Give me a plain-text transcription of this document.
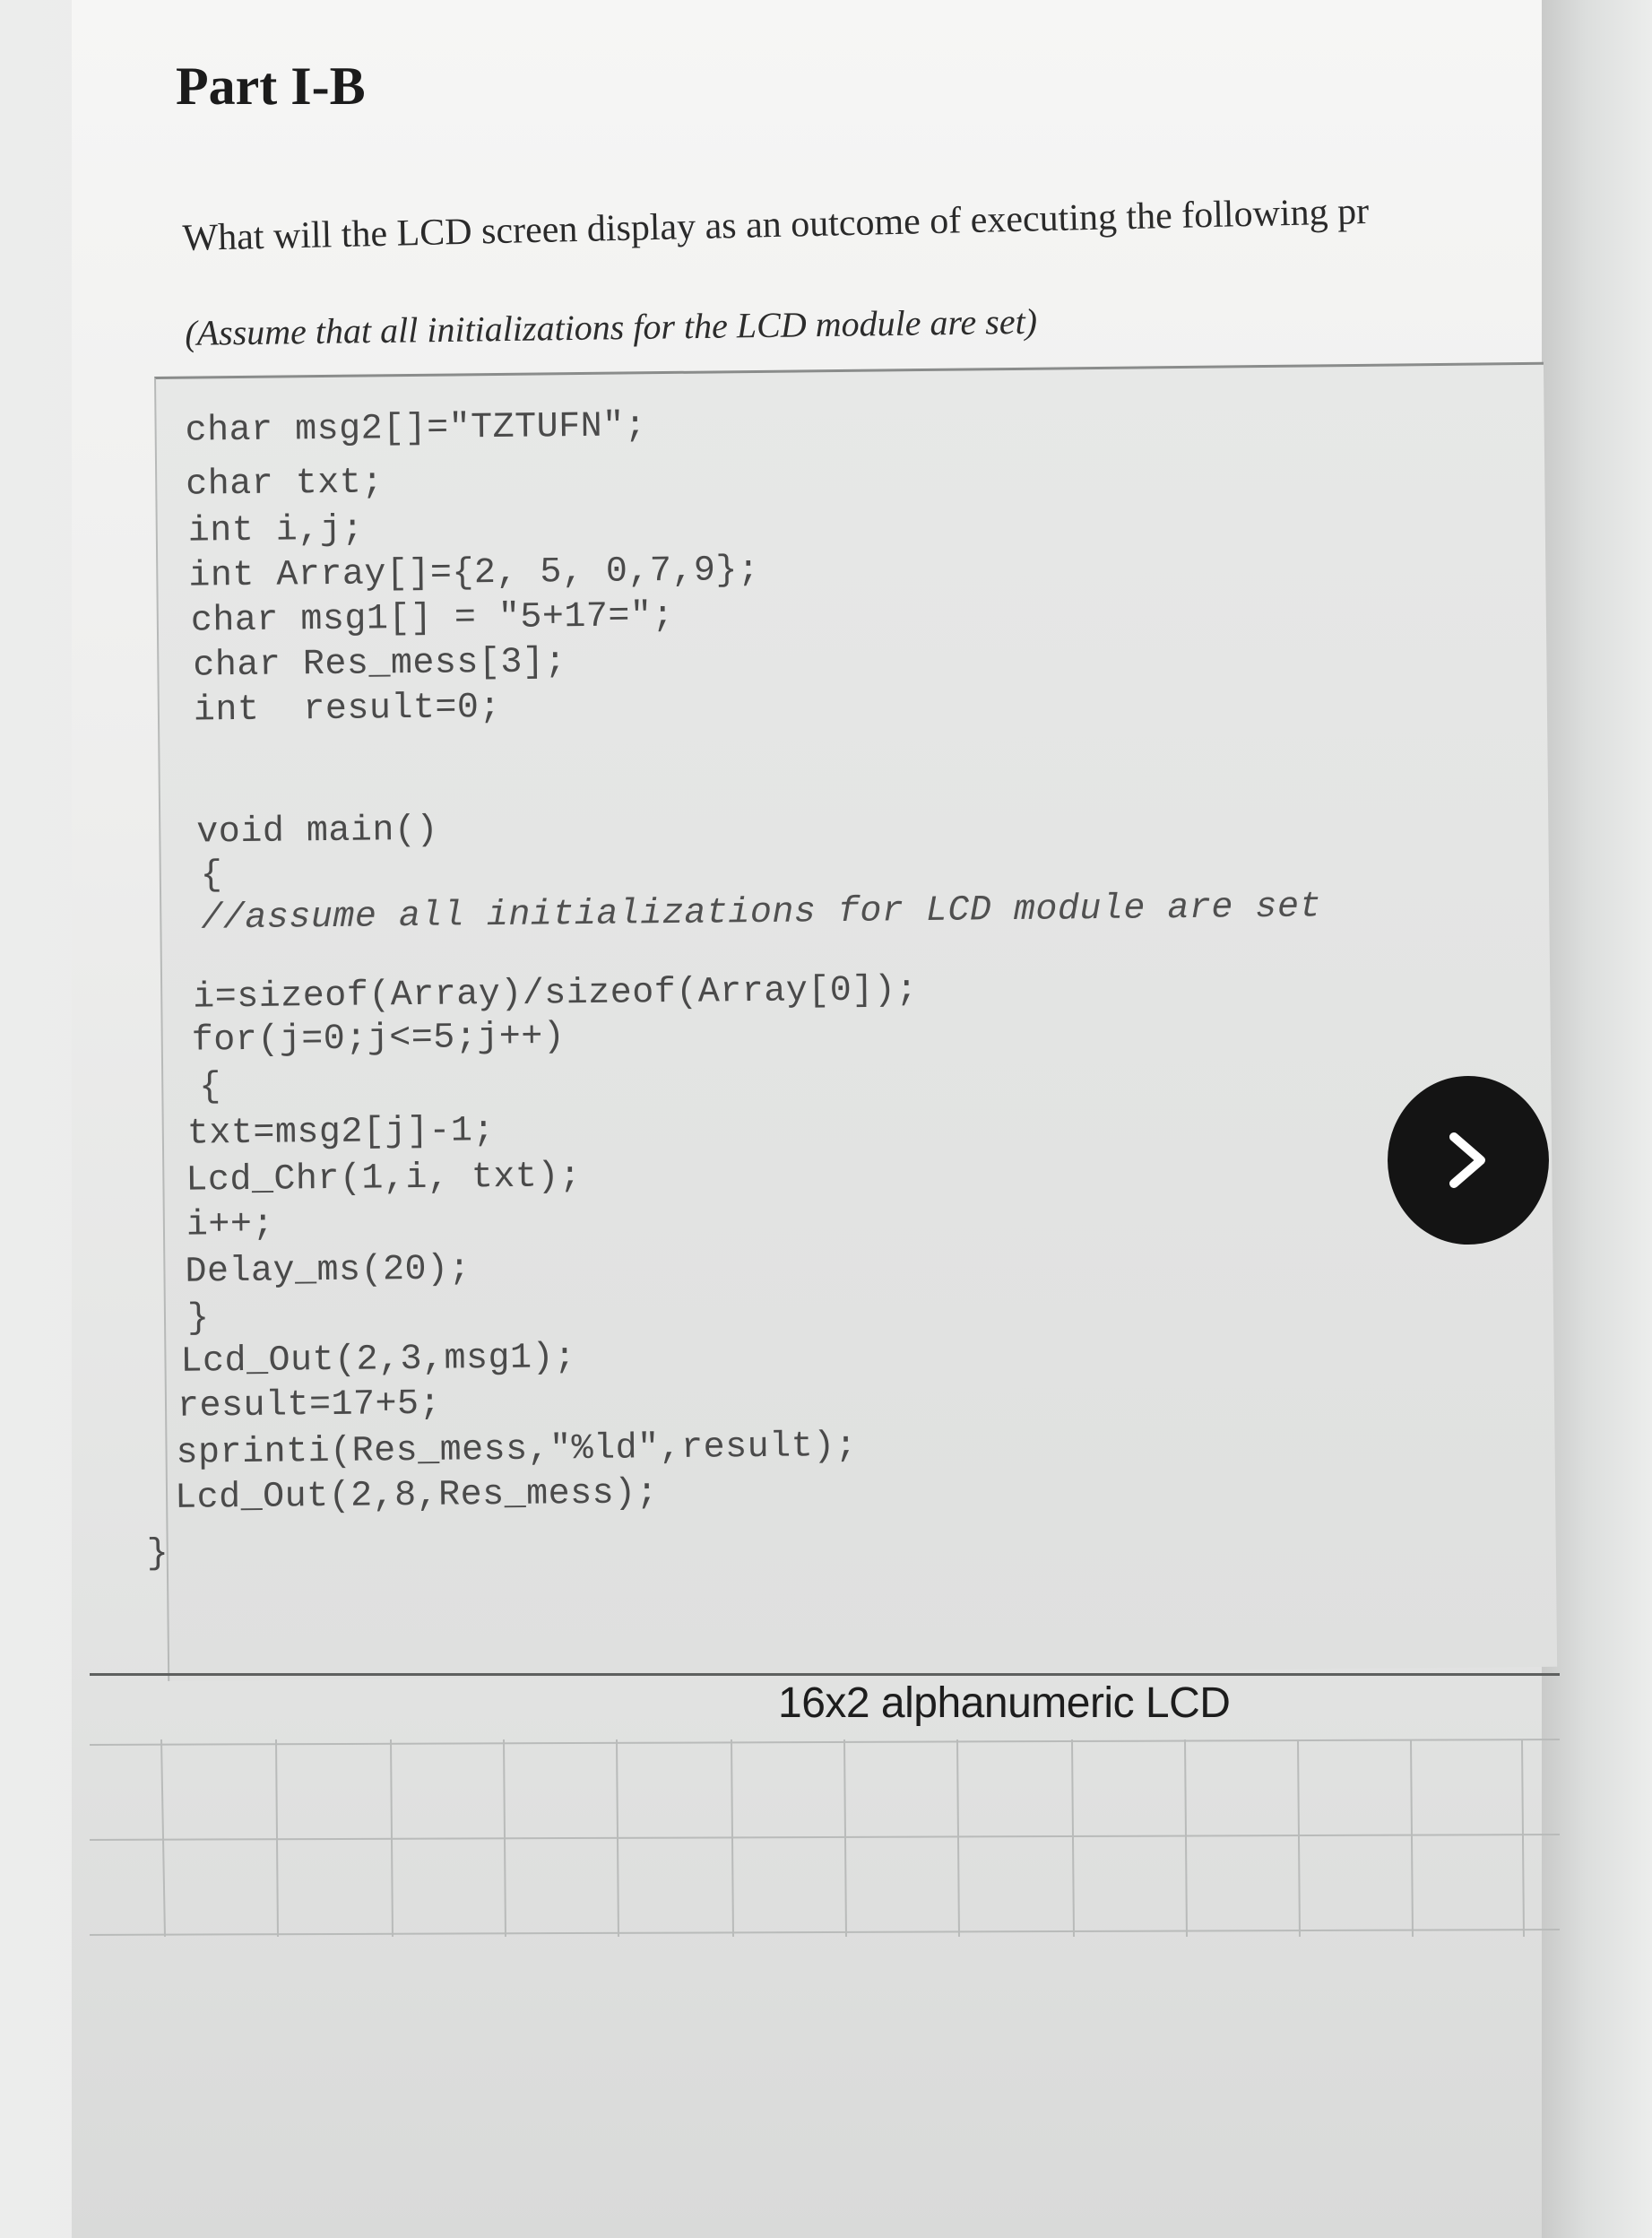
Part I-B
What will the LCD screen display as an outcome of executing the following pr
(Assume that all initializations for the LCD module are set)
char msg2[]="TZTUFN";
char txt;
int i,j;
int Array[]={2, 5, 0,7,9};
char msg1[] = "5+17=";
char Res_mess[3];
int  result=0;
void main()
{
//assume all initializations for LCD module are set
i=sizeof(Array)/sizeof(Array[0]);
for(j=0;j<=5;j++)
{
txt=msg2[j]-1;
Lcd_Chr(1,i, txt);
i++;
Delay_ms(20);
}
Lcd_Out(2,3,msg1);
result=17+5;
sprinti(Res_mess,"%ld",result);
Lcd_Out(2,8,Res_mess);
}
16x2 alphanumeric LCD
